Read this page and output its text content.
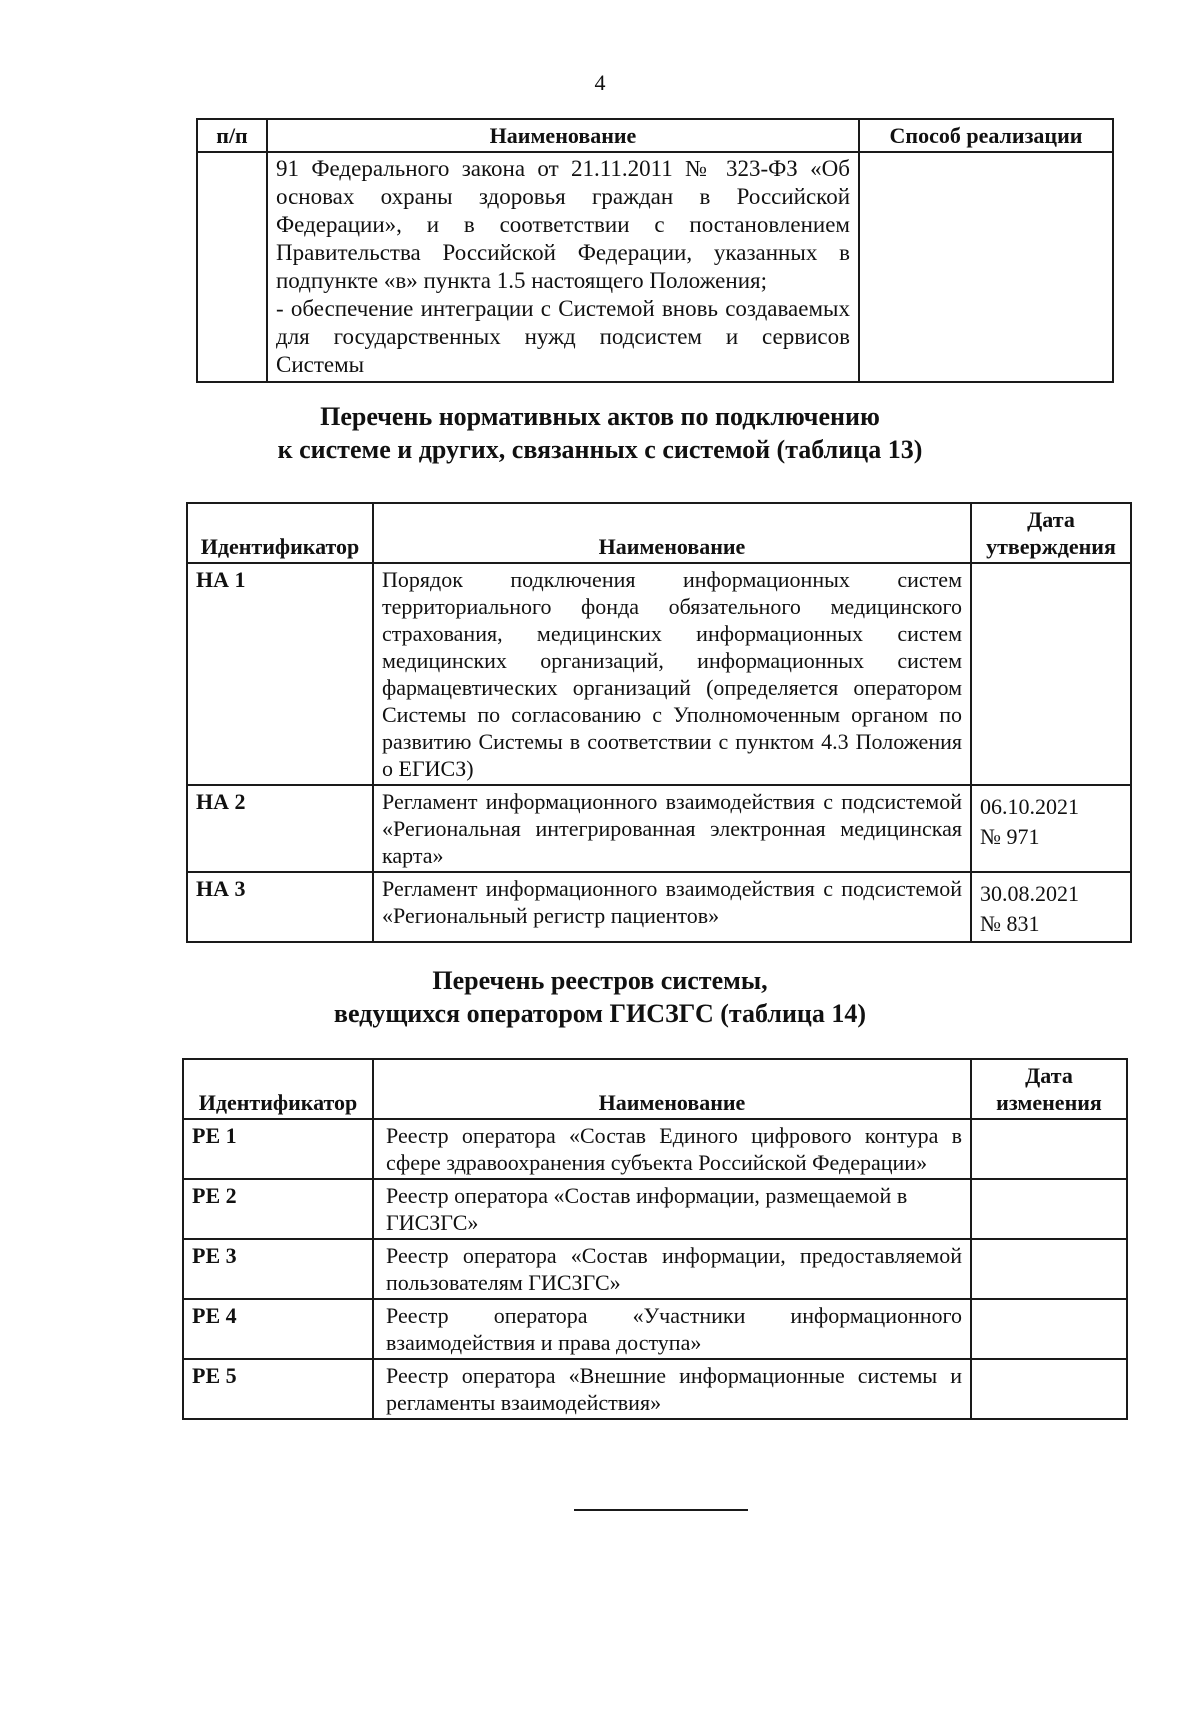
4
п/п	Наименование	Способ реализации

	91 Федерального закона от 21.11.2011 № 323-ФЗ «Об основах охраны здоровья граждан в Российской Федерации», и в соответствии с постановлением Правительства Российской Федерации, указанных в подпункте «в» пункта 1.5 настоящего Положения;
- обеспечение интеграции с Системой вновь создаваемых для государственных нужд подсистем и сервисов Системы	

Перечень нормативных актов по подключению
к системе и других, связанных с системой (таблица 13)
Идентификатор	Наименование	Дата
утверждения

НА 1	Порядок подключения информационных систем территориального фонда обязательного медицинского страхования, медицинских информационных систем медицинских организаций, информационных систем фармацевтических организаций (определяется оператором Системы по согласованию с Уполномоченным органом по развитию Системы в соответствии с пунктом 4.3 Положения о ЕГИСЗ)	

НА 2	Регламент информационного взаимодействия с подсистемой «Региональная интегрированная электронная медицинская карта»	06.10.2021
№ 971

НА 3	Регламент информационного взаимодействия с подсистемой «Региональный регистр пациентов»	30.08.2021
№ 831
Перечень реестров системы,
ведущихся оператором ГИСЗГС (таблица 14)
Идентификатор	Наименование	Дата
изменения

РЕ 1	Реестр оператора «Состав Единого цифрового контура в сфере здравоохранения субъекта Российской Федерации»	
РЕ 2	Реестр оператора «Состав информации, размещаемой в ГИСЗГС»	
РЕ 3	Реестр оператора «Состав информации, предоставляемой пользователям ГИСЗГС»	
РЕ 4	Реестр оператора «Участники информационного взаимодействия и права доступа»	
РЕ 5	Реестр оператора «Внешние информационные системы и регламенты взаимодействия»	
